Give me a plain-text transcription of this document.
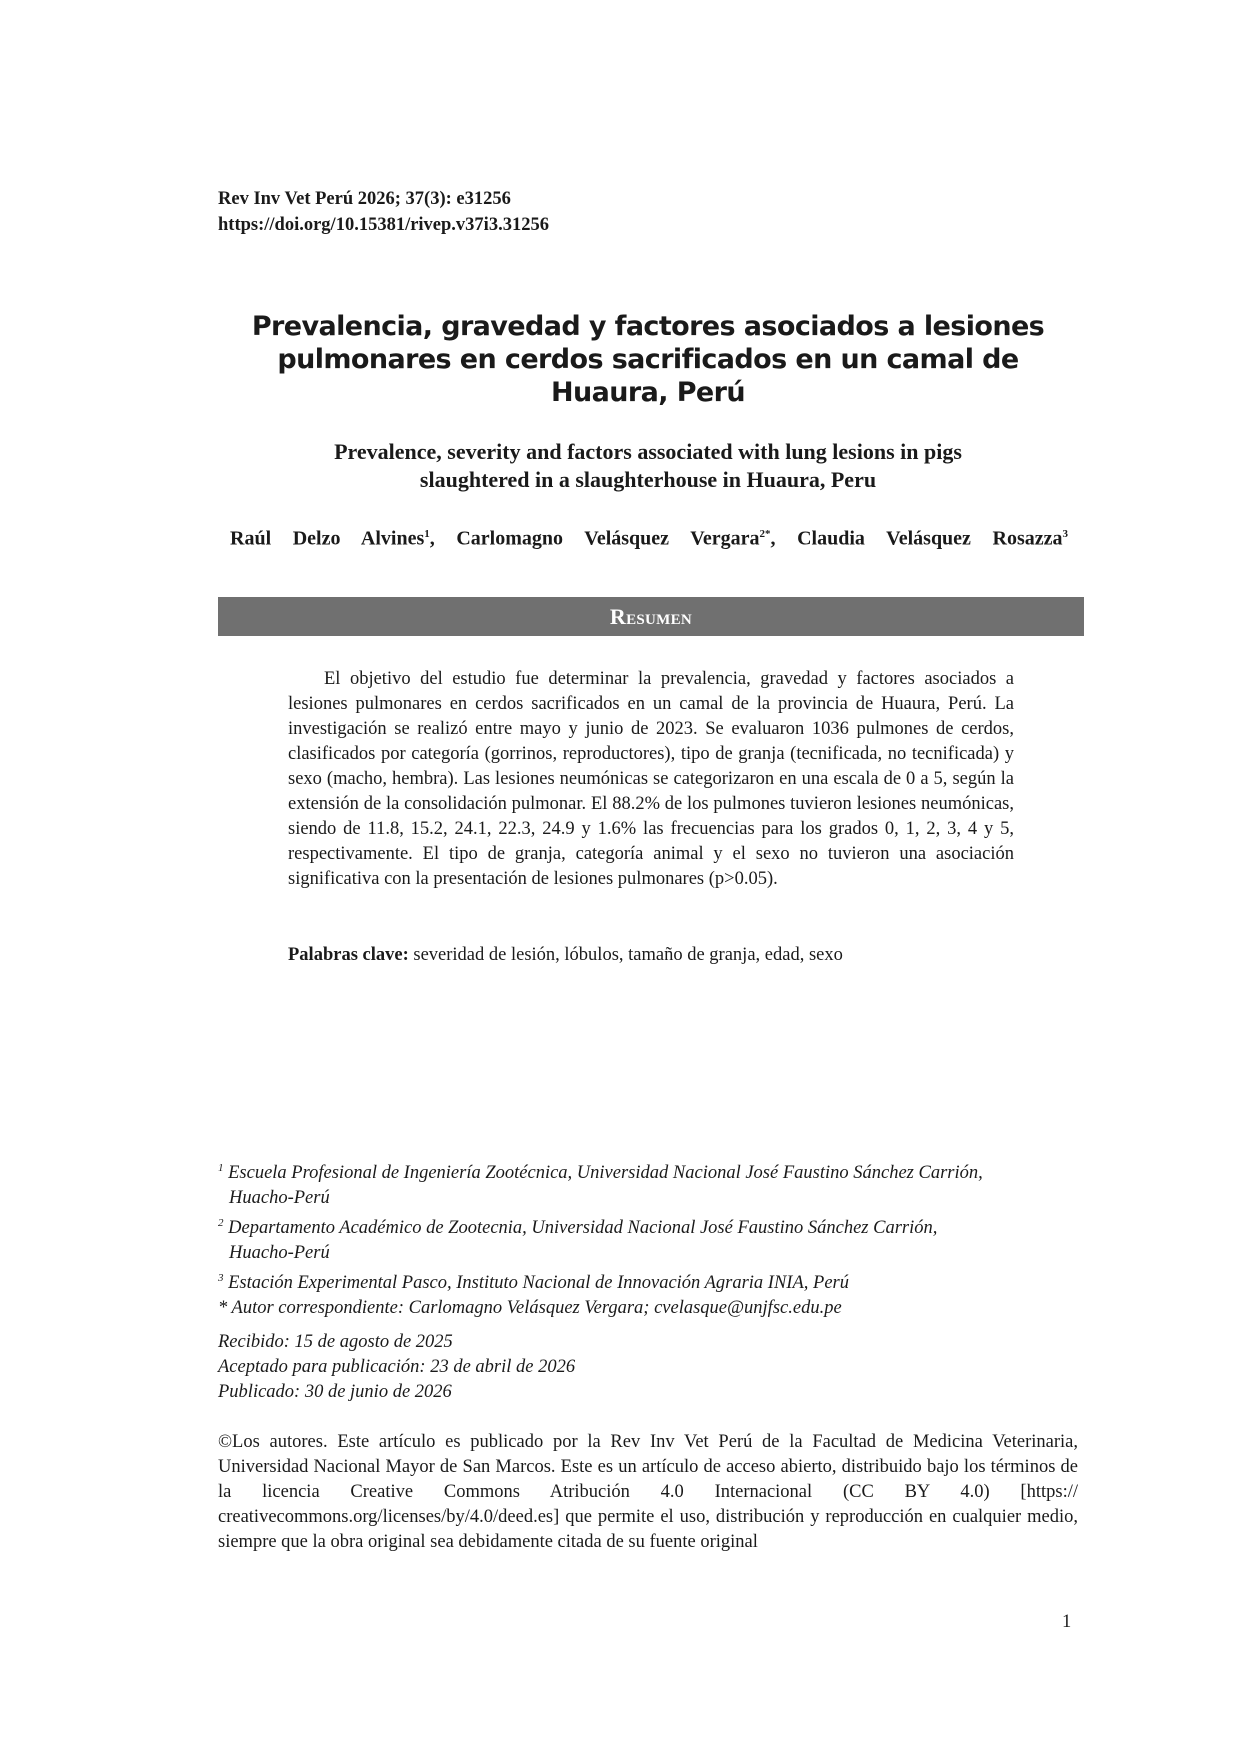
Rev Inv Vet Perú 2026; 37(3): e31256
https://doi.org/10.15381/rivep.v37i3.31256
Prevalencia, gravedad y factores asociados a lesiones
pulmonares en cerdos sacrificados en un camal de
Huaura, Perú
Prevalence, severity and factors associated with lung lesions in pigs
slaughtered in a slaughterhouse in Huaura, Peru
Raúl Delzo Alvines$^1$, Carlomagno Velásquez Vergara$^{2*}$, Claudia Velásquez Rosazza$^3$
Resumen

El objetivo del estudio fue determinar la prevalencia, gravedad y factores asociados a lesiones pulmonares en cerdos sacrificados en un camal de la provincia de Huaura, Perú. La investigación se realizó entre mayo y junio de 2023. Se evaluaron 1036 pulmones de cerdos, clasificados por categoría (gorrinos, reproductores), tipo de granja (tecnificada, no tecnificada) y sexo (macho, hembra). Las lesiones neumónicas se categorizaron en una escala de 0 a 5, según la extensión de la consolidación pulmonar. El 88.2% de los pulmones tuvieron lesiones neumónicas, siendo de 11.8, 15.2, 24.1, 22.3, 24.9 y 1.6% las frecuencias para los grados 0, 1, 2, 3, 4 y 5, respectivamente. El tipo de granja, categoría animal y el sexo no tuvieron una asociación significativa con la presentación de lesiones pulmonares (p>0.05).

Palabras clave: severidad de lesión, lóbulos, tamaño de granja, edad, sexo
$^1$ Escuela Profesional de Ingeniería Zootécnica, Universidad Nacional José Faustino Sánchez Carrión,
Huacho-Perú
$^2$ Departamento Académico de Zootecnia, Universidad Nacional José Faustino Sánchez Carrión,
Huacho-Perú
$^3$ Estación Experimental Pasco, Instituto Nacional de Innovación Agraria INIA, Perú
* Autor correspondiente: Carlomagno Velásquez Vergara; cvelasque@unjfsc.edu.pe
Recibido: 15 de agosto de 2025
Aceptado para publicación: 23 de abril de 2026
Publicado: 30 de junio de 2026

©Los autores. Este artículo es publicado por la Rev Inv Vet Perú de la Facultad de Medicina Veterinaria, Universidad Nacional Mayor de San Marcos. Este es un artículo de acceso abierto, distribuido bajo los términos de la licencia Creative Commons Atribución 4.0 Internacional (CC BY 4.0) [https:// creativecommons.org/licenses/by/4.0/deed.es] que permite el uso, distribución y reproducción en cualquier medio, siempre que la obra original sea debidamente citada de su fuente original

1
